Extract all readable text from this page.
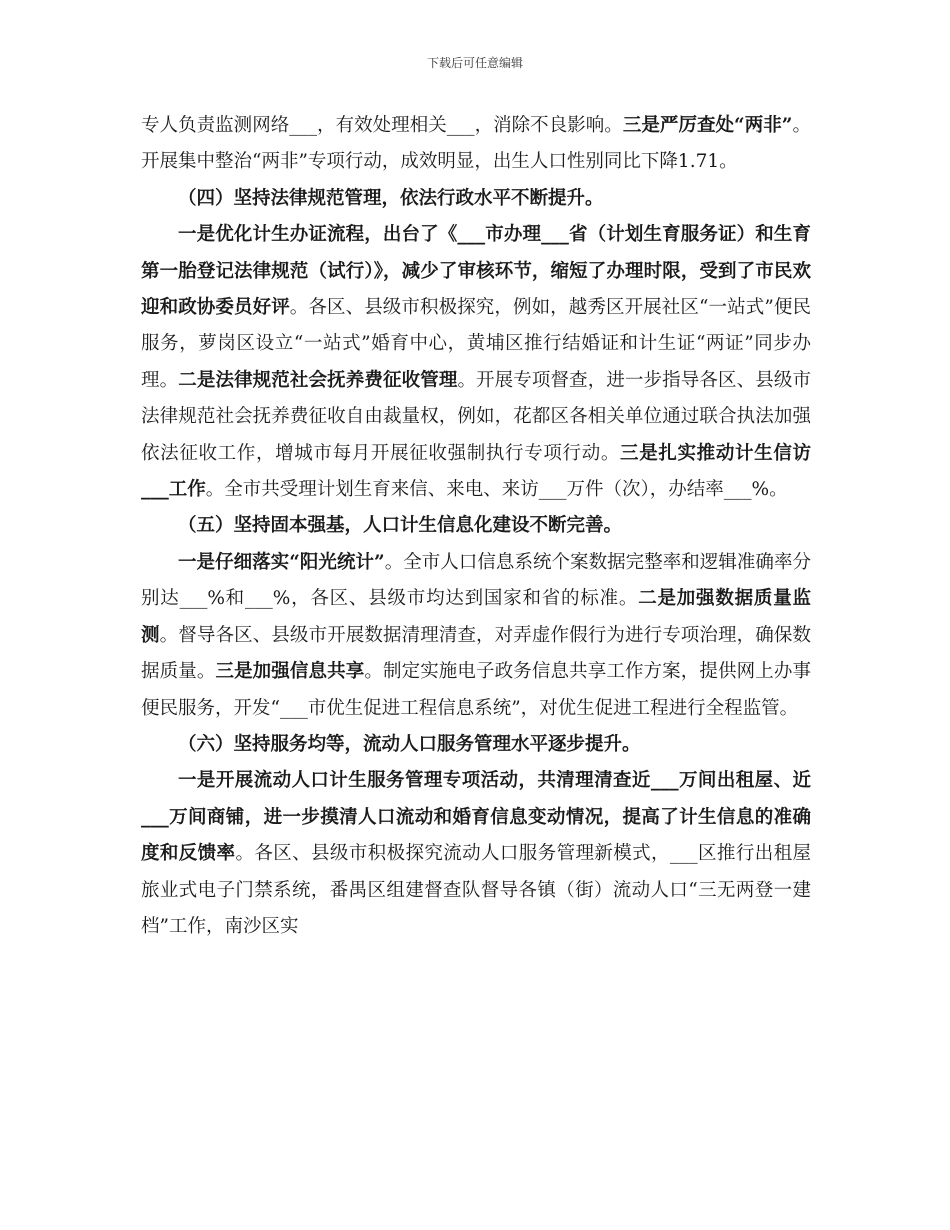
下载后可任意编辑

专人负责监测网络___，有效处理相关___，消除不良影响。三是严厉查处“两非”。开展集中整治“两非”专项行动，成效明显，出生人口性别同比下降1.71。

（四）坚持法律规范管理，依法行政水平不断提升。

一是优化计生办证流程，出台了《___市办理___省（计划生育服务证）和生育第一胎登记法律规范（试行）》，减少了审核环节，缩短了办理时限，受到了市民欢迎和政协委员好评。各区、县级市积极探究，例如，越秀区开展社区“一站式”便民服务，萝岗区设立“一站式”婚育中心，黄埔区推行结婚证和计生证“两证”同步办理。二是法律规范社会抚养费征收管理。开展专项督查，进一步指导各区、县级市法律规范社会抚养费征收自由裁量权，例如，花都区各相关单位通过联合执法加强依法征收工作，增城市每月开展征收强制执行专项行动。三是扎实推动计生信访___工作。全市共受理计划生育来信、来电、来访___万件（次），办结率___%。

（五）坚持固本强基，人口计生信息化建设不断完善。

一是仔细落实“阳光统计”。全市人口信息系统个案数据完整率和逻辑准确率分别达___%和___%，各区、县级市均达到国家和省的标准。二是加强数据质量监测。督导各区、县级市开展数据清理清查，对弄虚作假行为进行专项治理，确保数据质量。三是加强信息共享。制定实施电子政务信息共享工作方案，提供网上办事便民服务，开发“___市优生促进工程信息系统”，对优生促进工程进行全程监管。

（六）坚持服务均等，流动人口服务管理水平逐步提升。

一是开展流动人口计生服务管理专项活动，共清理清查近___万间出租屋、近___万间商铺，进一步摸清人口流动和婚育信息变动情况，提高了计生信息的准确度和反馈率。各区、县级市积极探究流动人口服务管理新模式，___区推行出租屋旅业式电子门禁系统，番禺区组建督查队督导各镇（街）流动人口“三无两登一建档”工作，南沙区实
